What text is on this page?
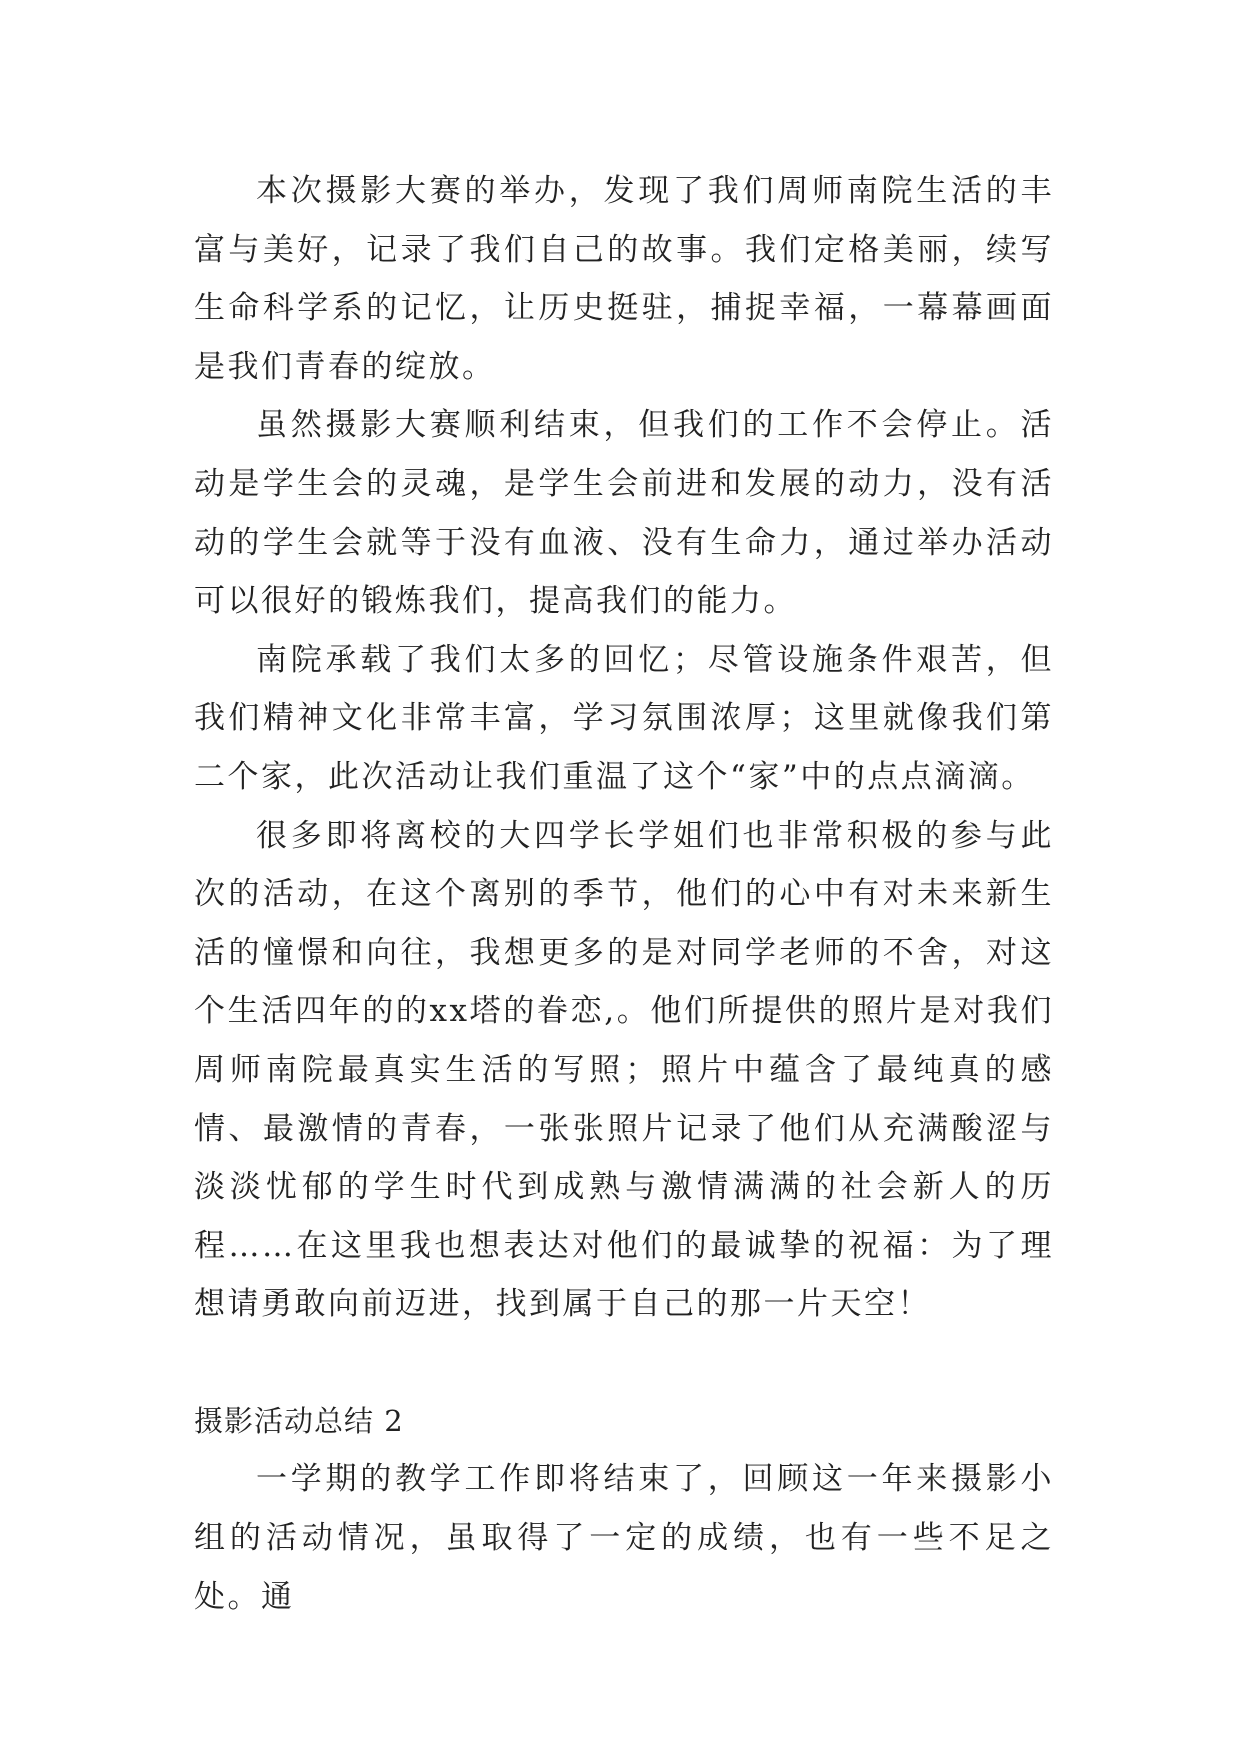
本次摄影大赛的举办，发现了我们周师南院生活的丰富与美好，记录了我们自己的故事。我们定格美丽，续写生命科学系的记忆，让历史挺驻，捕捉幸福，一幕幕画面是我们青春的绽放。

虽然摄影大赛顺利结束，但我们的工作不会停止。活动是学生会的灵魂，是学生会前进和发展的动力，没有活动的学生会就等于没有血液、没有生命力，通过举办活动可以很好的锻炼我们，提高我们的能力。

南院承载了我们太多的回忆；尽管设施条件艰苦，但我们精神文化非常丰富，学习氛围浓厚；这里就像我们第二个家，此次活动让我们重温了这个“家”中的点点滴滴。

很多即将离校的大四学长学姐们也非常积极的参与此次的活动，在这个离别的季节，他们的心中有对未来新生活的憧憬和向往，我想更多的是对同学老师的不舍，对这个生活四年的的xx塔的眷恋,。他们所提供的照片是对我们周师南院最真实生活的写照；照片中蕴含了最纯真的感情、最激情的青春，一张张照片记录了他们从充满酸涩与淡淡忧郁的学生时代到成熟与激情满满的社会新人的历程……在这里我也想表达对他们的最诚挚的祝福：为了理想请勇敢向前迈进，找到属于自己的那一片天空！

摄影活动总结 2

一学期的教学工作即将结束了，回顾这一年来摄影小组的活动情况，虽取得了一定的成绩，也有一些不足之处。通
